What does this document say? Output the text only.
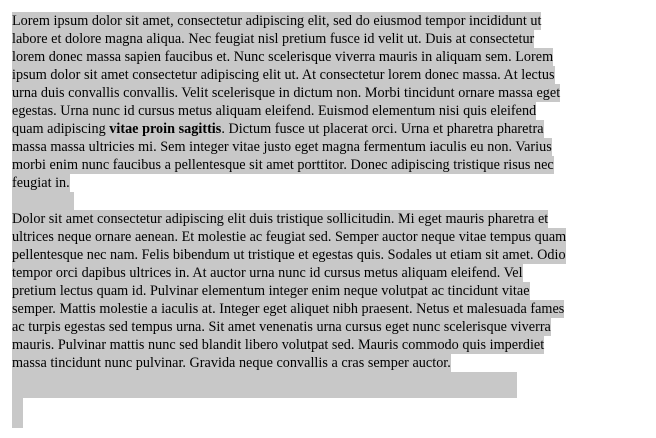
Lorem ipsum dolor sit amet, consectetur adipiscing elit, sed do eiusmod tempor incididunt ut
labore et dolore magna aliqua. Nec feugiat nisl pretium fusce id velit ut. Duis at consectetur
lorem donec massa sapien faucibus et. Nunc scelerisque viverra mauris in aliquam sem. Lorem
ipsum dolor sit amet consectetur adipiscing elit ut. At consectetur lorem donec massa. At lectus
urna duis convallis convallis. Velit scelerisque in dictum non. Morbi tincidunt ornare massa eget
egestas. Urna nunc id cursus metus aliquam eleifend. Euismod elementum nisi quis eleifend
quam adipiscing vitae proin sagittis. Dictum fusce ut placerat orci. Urna et pharetra pharetra
massa massa ultricies mi. Sem integer vitae justo eget magna fermentum iaculis eu non. Varius
morbi enim nunc faucibus a pellentesque sit amet porttitor. Donec adipiscing tristique risus nec
feugiat in.
Dolor sit amet consectetur adipiscing elit duis tristique sollicitudin. Mi eget mauris pharetra et
ultrices neque ornare aenean. Et molestie ac feugiat sed. Semper auctor neque vitae tempus quam
pellentesque nec nam. Felis bibendum ut tristique et egestas quis. Sodales ut etiam sit amet. Odio
tempor orci dapibus ultrices in. At auctor urna nunc id cursus metus aliquam eleifend. Vel
pretium lectus quam id. Pulvinar elementum integer enim neque volutpat ac tincidunt vitae
semper. Mattis molestie a iaculis at. Integer eget aliquet nibh praesent. Netus et malesuada fames
ac turpis egestas sed tempus urna. Sit amet venenatis urna cursus eget nunc scelerisque viverra
mauris. Pulvinar mattis nunc sed blandit libero volutpat sed. Mauris commodo quis imperdiet
massa tincidunt nunc pulvinar. Gravida neque convallis a cras semper auctor.
